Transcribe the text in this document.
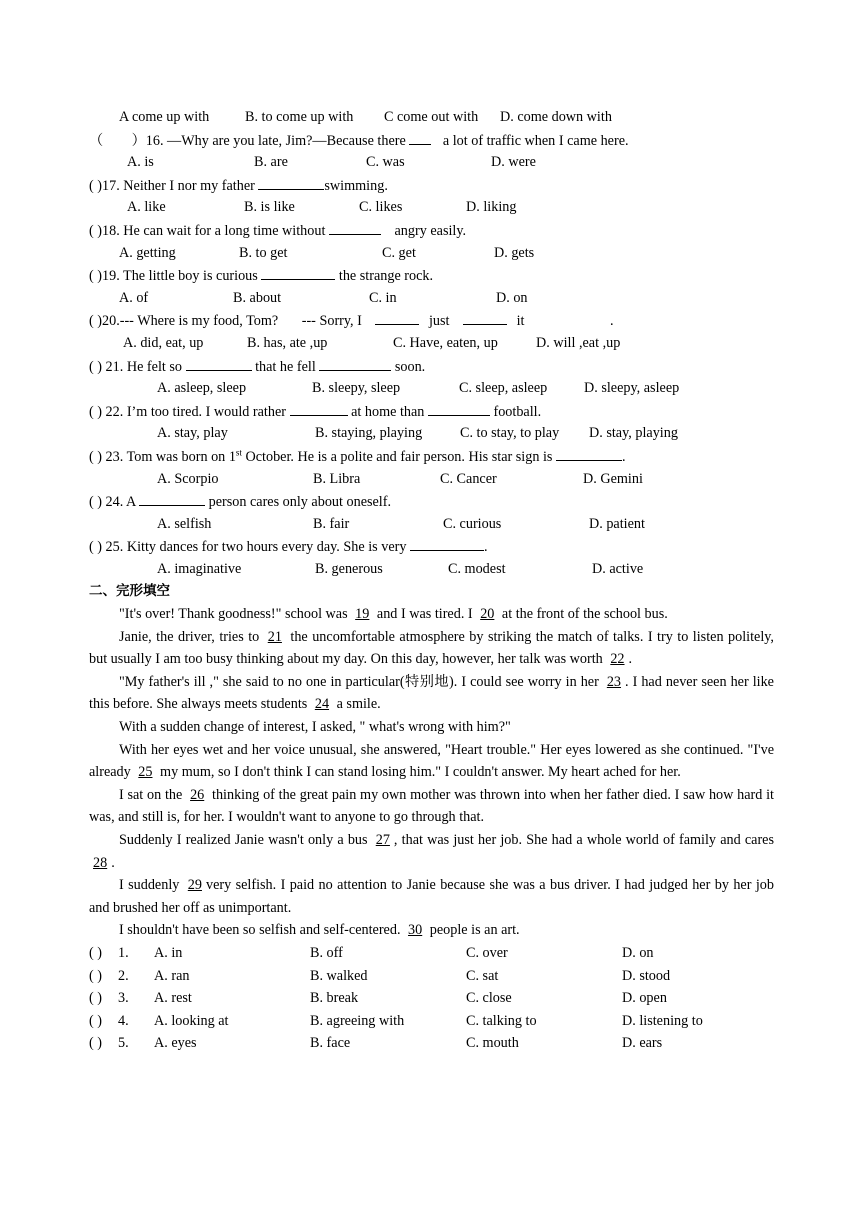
A come up with	B. to come up with C come out with D. come down with
（　　）16. —Why are you late, Jim?—Because there	a lot of traffic when I came here.
A. is	B. are	C. was	D. were
( )17. Neither I nor my father	swimming.
A. like	B. is like	C. likes	D. liking
( )18. He can wait for a long time without	angry easily.
A. getting	B. to get	C. get	D. gets
( )19. The little boy is curious	the strange rock.
A. of	B. about	C. in	D. on
( )20.--- Where is my food, Tom? --- Sorry, I	just	it	.
A. did, eat, up	B. has, ate ,up	C. Have, eaten, up	D. will ,eat ,up
( ) 21. He felt so	that he fell	soon.
A. asleep, sleep	B. sleepy, sleep	C. sleep, asleep	D. sleepy, asleep
( ) 22. I’m too tired. I would rather	at home than	football.
A. stay, play	B. staying, playing	C. to stay, to play D. stay, playing
( ) 23. Tom was born on 1st October. He is a polite and fair person. His star sign is	.
A. Scorpio	B. Libra	C. Cancer	D. Gemini
( ) 24. A	person cares only about oneself.
A. selfish	B. fair	C. curious	D. patient
( ) 25. Kitty dances for two hours every day. She is very	.
A. imaginative	B. generous	C. modest	D. active
二、完形填空
"It's over! Thank goodness!" school was 19 and I was tired. I 20 at the front of the school bus.
Janie, the driver, tries to 21 the uncomfortable atmosphere by striking the match of talks. I try to listen politely, but usually I am too busy thinking about my day. On this day, however, her talk was worth 22 .
"My father's ill ," she said to no one in particular(特别地). I could see worry in her 23 . I had never seen her like this before. She always meets students 24 a smile.
With a sudden change of interest, I asked, " what's wrong with him?"
With her eyes wet and her voice unusual, she answered, "Heart trouble." Her eyes lowered as she continued. "I've already 25 my mum, so I don't think I can stand losing him." I couldn't answer. My heart ached for her.
I sat on the 26 thinking of the great pain my own mother was thrown into when her father died. I saw how hard it was, and still is, for her. I wouldn't want to anyone to go through that.
Suddenly I realized Janie wasn't only a bus 27 , that was just her job. She had a whole world of family and cares 28 .
I suddenly 29 very selfish. I paid no attention to Janie because she was a bus driver. I had judged her by her job and brushed her off as unimportant.
I shouldn't have been so selfish and self-centered. 30 people is an art.
( ) 1. A. in	B. off	C. over	D. on
( ) 2. A. ran	B. walked	C. sat	D. stood
( ) 3. A. rest	B. break	C. close	D. open
( ) 4. A. looking at	B. agreeing with	C. talking to	D. listening to
( ) 5. A. eyes	B. face	C. mouth	D. ears
